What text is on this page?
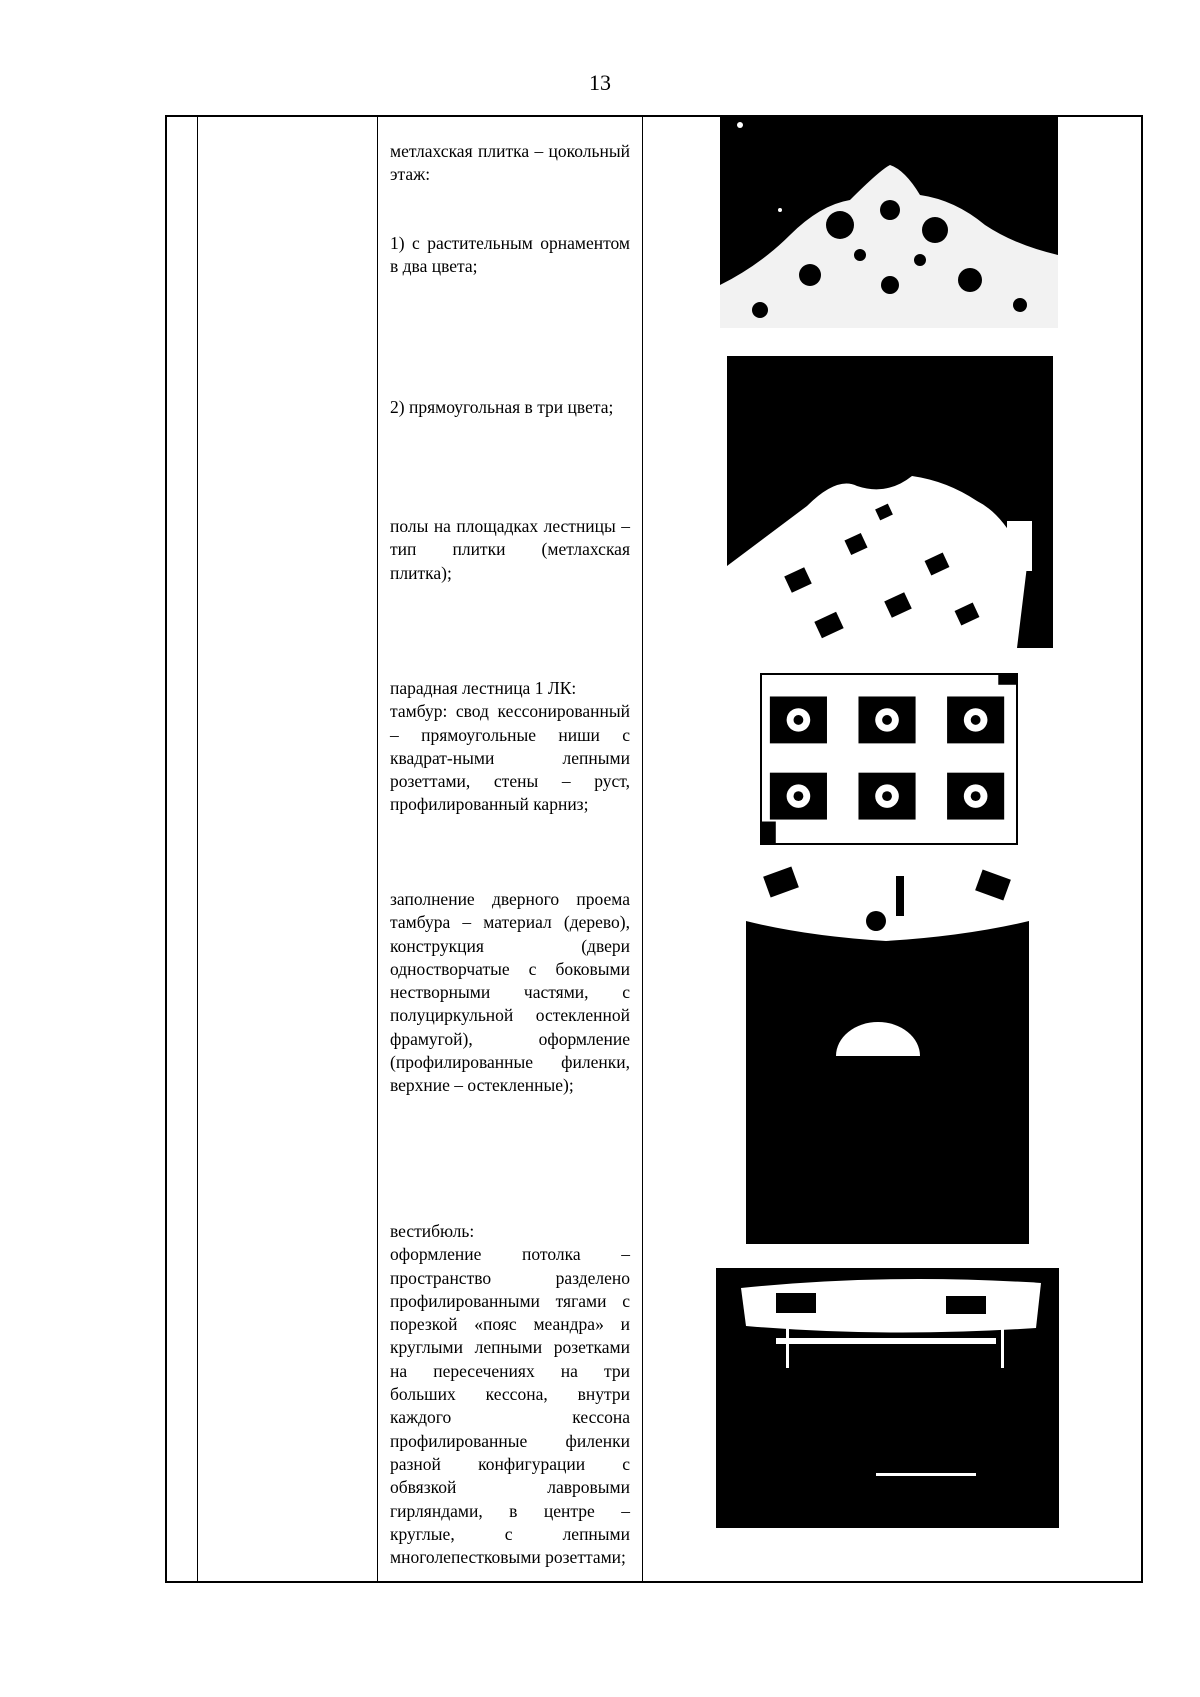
13
метлахская плитка – цокольный этаж:
1) с растительным орнаментом в два цвета;
2) прямоугольная в три цвета;
полы на площадках лестницы – тип плитки (метлахская плитка);
парадная лестница 1 ЛК:
тамбур: свод кессонированный – прямоугольные ниши с квадрат-ными лепными розеттами, стены – руст, профилированный карниз;
заполнение дверного проема тамбура – материал (дерево), конструкция (двери одностворчатые с боковыми нестворными частями, с полуциркульной остекленной фрамугой), оформление (профилированные филенки, верхние – остекленные);
вестибюль:
оформление потолка – пространство разделено профилированными тягами с порезкой «пояс меандра» и круглыми лепными розетками на пересечениях на три больших кессона, внутри каждого кессона профилированные филенки разной конфигурации с обвязкой лавровыми гирляндами, в центре – круглые, с лепными многолепестковыми розеттами;
